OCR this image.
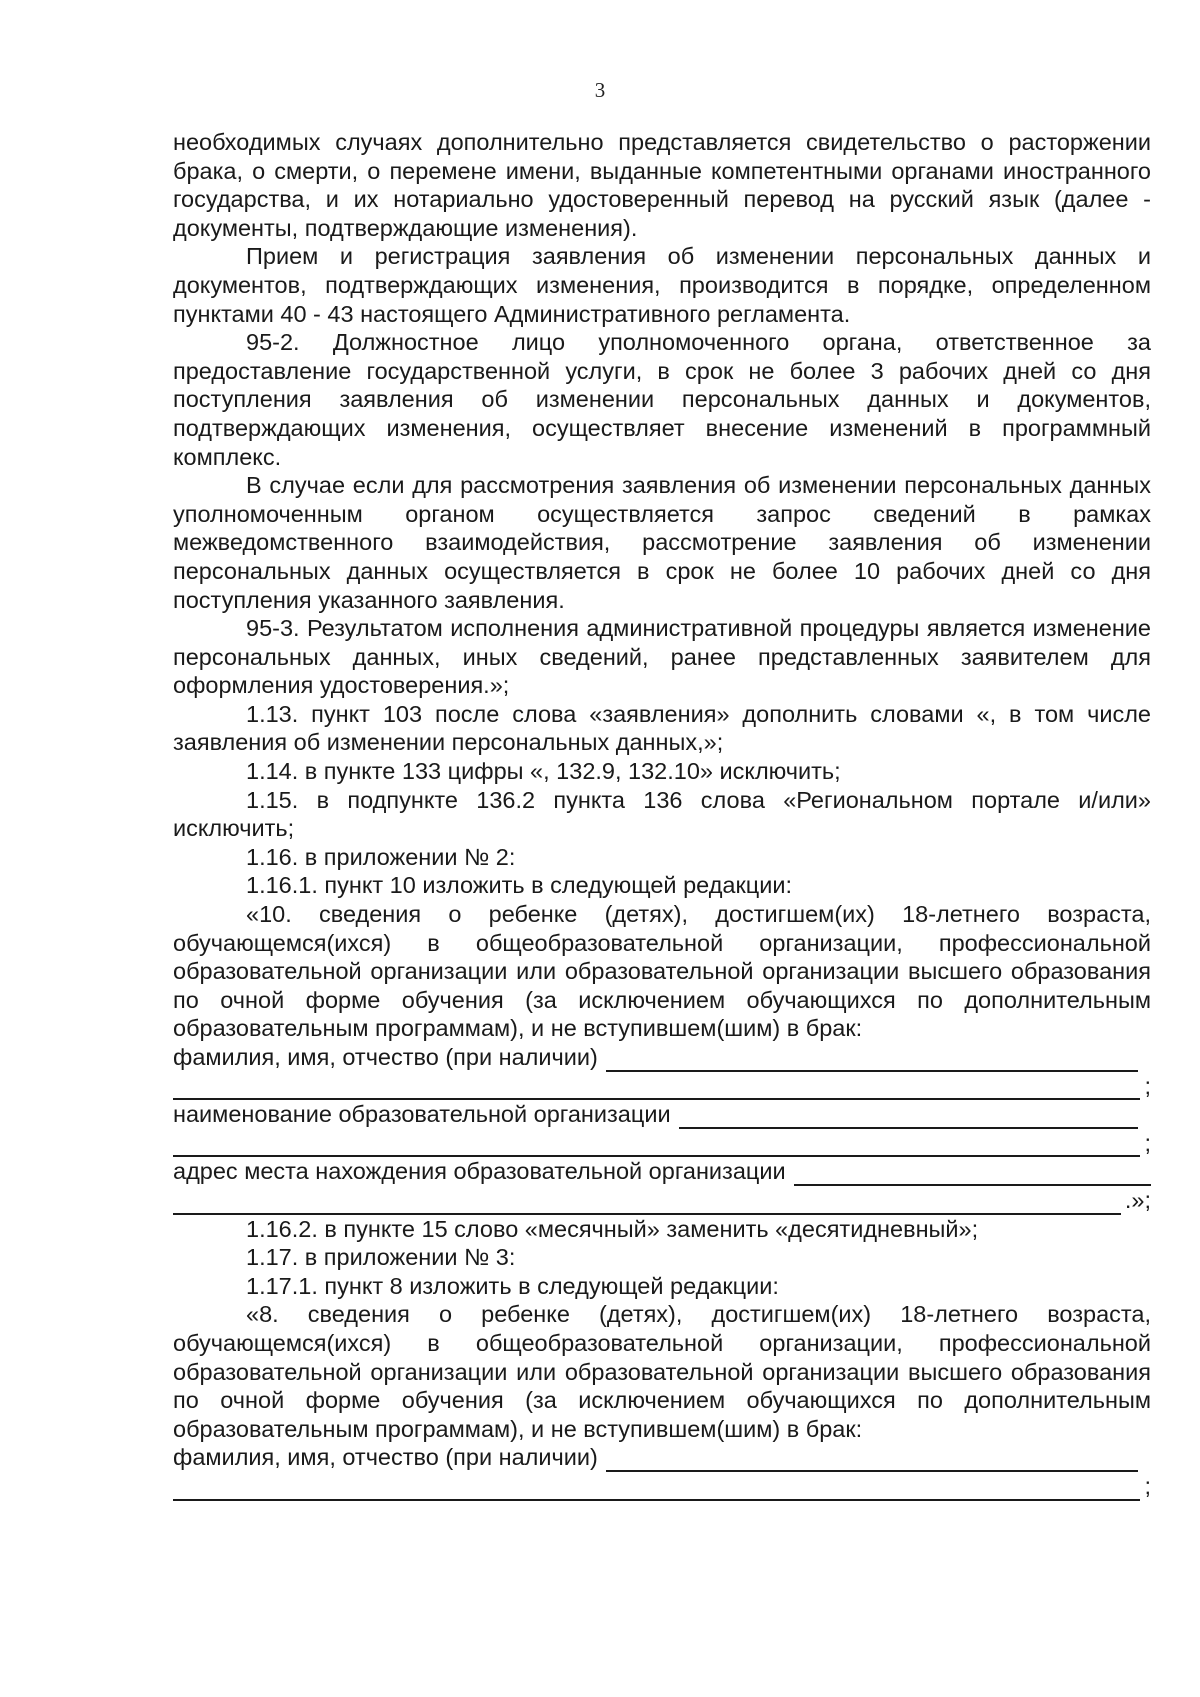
3

необходимых случаях дополнительно представляется свидетельство о расторжении брака, о смерти, о перемене имени, выданные компетентными органами иностранного государства, и их нотариально удостоверенный перевод на русский язык (далее - документы, подтверждающие изменения).

Прием и регистрация заявления об изменении персональных данных и документов, подтверждающих изменения, производится в порядке, определенном пунктами 40 - 43 настоящего Административного регламента.

95-2. Должностное лицо уполномоченного органа, ответственное за предоставление государственной услуги, в срок не более 3 рабочих дней со дня поступления заявления об изменении персональных данных и документов, подтверждающих изменения, осуществляет внесение изменений в программный комплекс.

В случае если для рассмотрения заявления об изменении персональных данных уполномоченным органом осуществляется запрос сведений в рамках межведомственного взаимодействия, рассмотрение заявления об изменении персональных данных осуществляется в срок не более 10 рабочих дней со дня поступления указанного заявления.

95-3. Результатом исполнения административной процедуры является изменение персональных данных, иных сведений, ранее представленных заявителем для оформления удостоверения.»;

1.13. пункт 103 после слова «заявления» дополнить словами «, в том числе заявления об изменении персональных данных,»;

1.14. в пункте 133 цифры «, 132.9, 132.10» исключить;

1.15. в подпункте 136.2 пункта 136 слова «Региональном портале и/или» исключить;

1.16. в приложении № 2:

1.16.1. пункт 10 изложить в следующей редакции:

«10. сведения о ребенке (детях), достигшем(их) 18-летнего возраста, обучающемся(ихся) в общеобразовательной организации, профессиональной образовательной организации или образовательной организации высшего образования по очной форме обучения (за исключением обучающихся по дополнительным образовательным программам), и не вступившем(шим) в брак:

фамилия, имя, отчество (при наличии)
;
наименование образовательной организации
;
адрес места нахождения образовательной организации
.»;

1.16.2. в пункте 15 слово «месячный» заменить «десятидневный»;

1.17. в приложении № 3:

1.17.1. пункт 8 изложить в следующей редакции:

«8. сведения о ребенке (детях), достигшем(их) 18-летнего возраста, обучающемся(ихся) в общеобразовательной организации, профессиональной образовательной организации или образовательной организации высшего образования по очной форме обучения (за исключением обучающихся по дополнительным образовательным программам), и не вступившем(шим) в брак:

фамилия, имя, отчество (при наличии)
;
